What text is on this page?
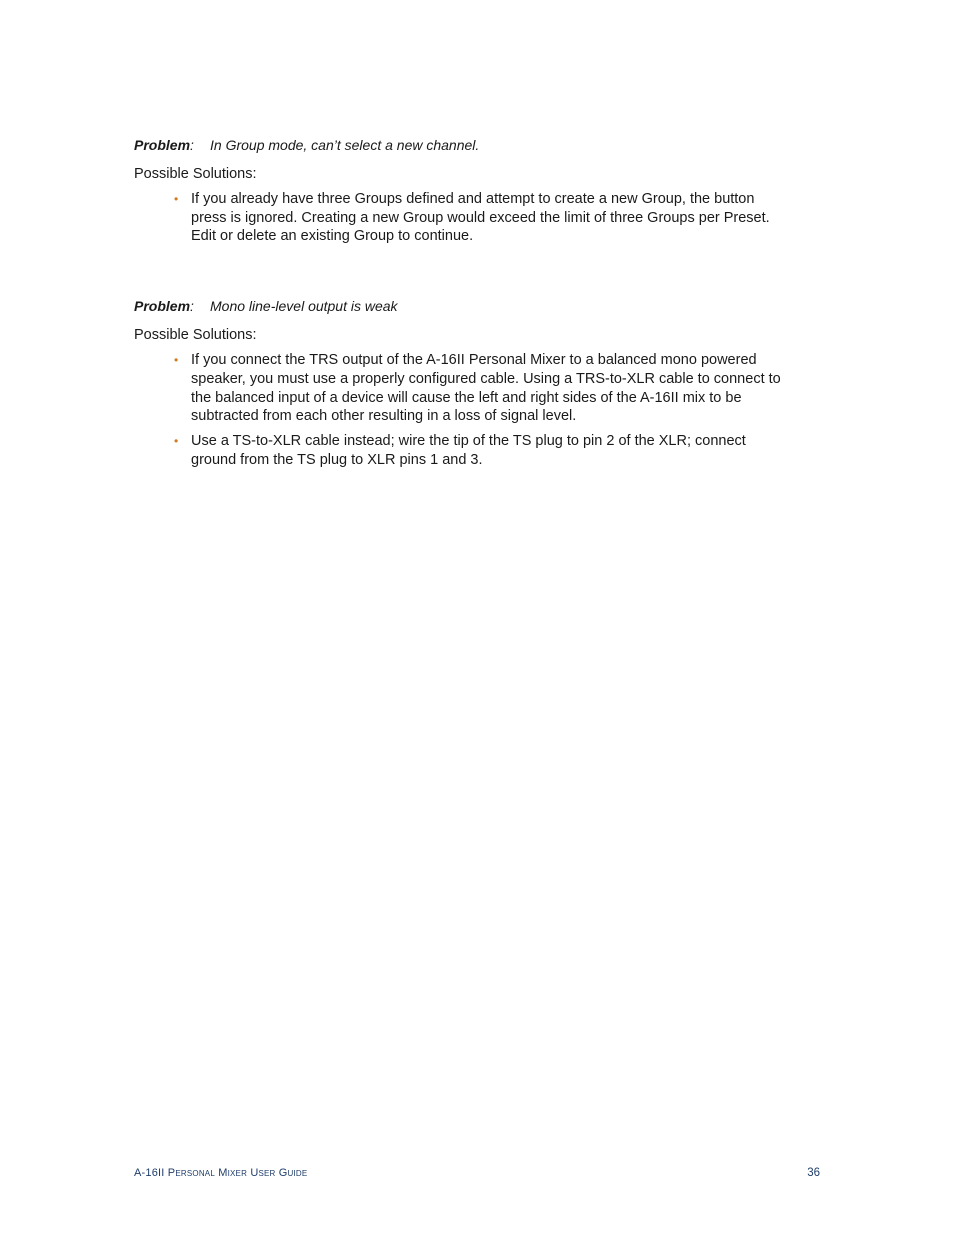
Problem: In Group mode, can’t select a new channel.

Possible Solutions:

• If you already have three Groups defined and attempt to create a new Group, the button press is ignored. Creating a new Group would exceed the limit of three Groups per Preset. Edit or delete an existing Group to continue.

Problem: Mono line-level output is weak

Possible Solutions:

• If you connect the TRS output of the A-16II Personal Mixer to a balanced mono powered speaker, you must use a properly configured cable. Using a TRS-to-XLR cable to connect to the balanced input of a device will cause the left and right sides of the A-16II mix to be subtracted from each other resulting in a loss of signal level.
• Use a TS-to-XLR cable instead; wire the tip of the TS plug to pin 2 of the XLR; connect ground from the TS plug to XLR pins 1 and 3.
A-16II Personal Mixer User Guide	36
